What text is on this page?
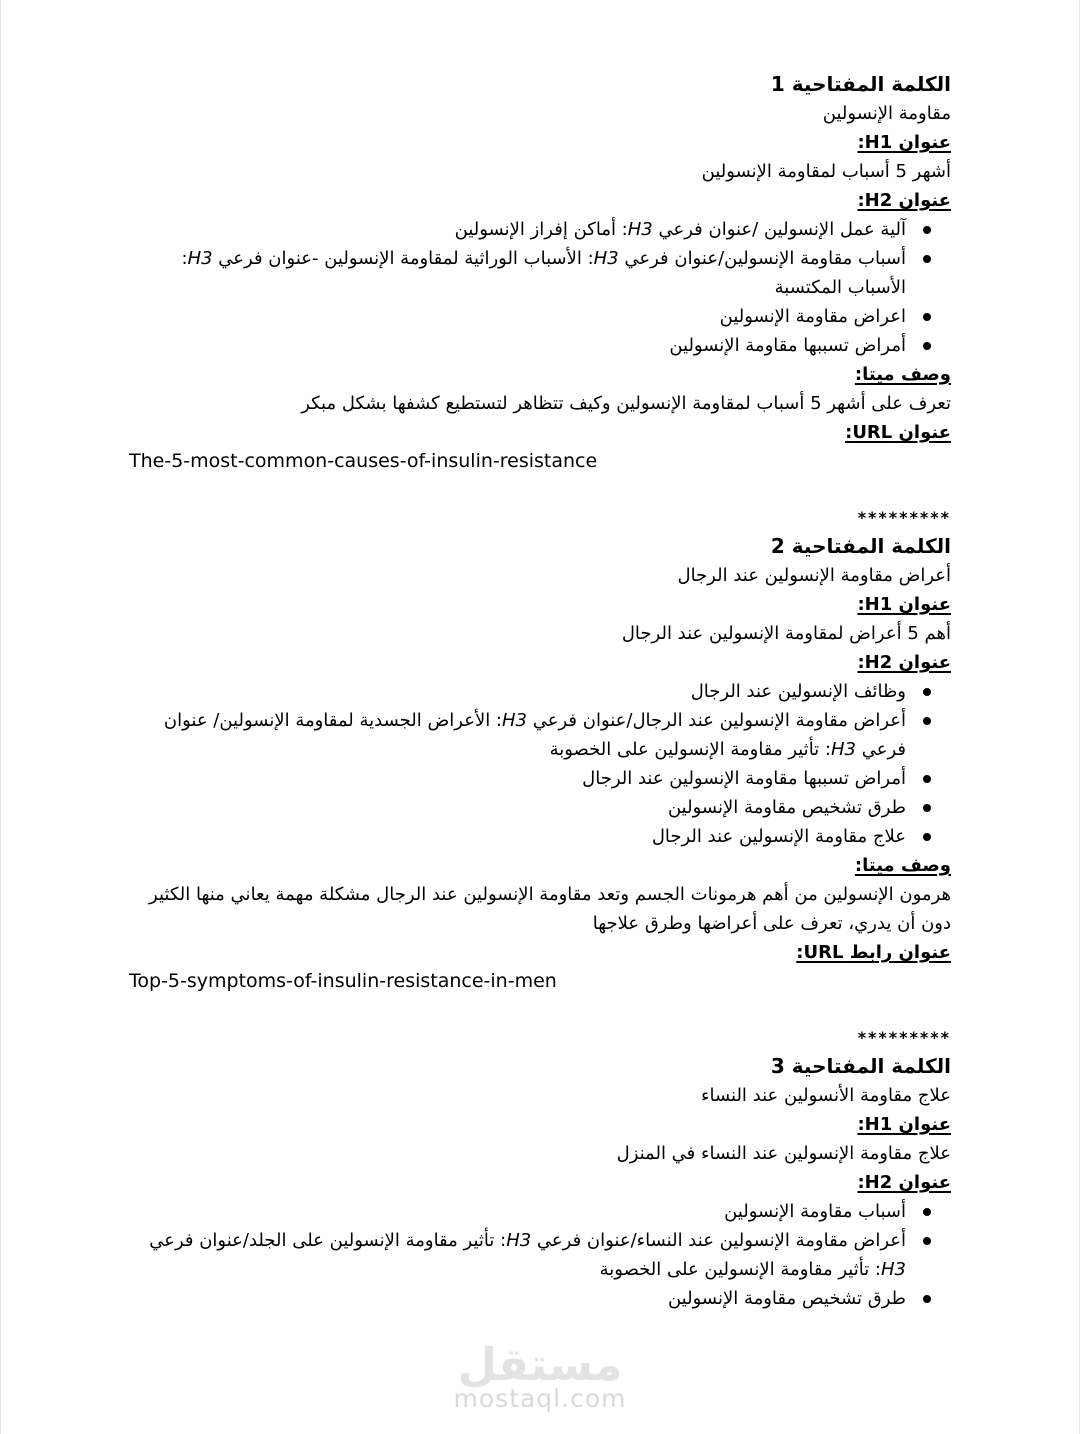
الكلمة المفتاحية 1

مقاومة الإنسولين

عنوان H1:

أشهر 5 أسباب لمقاومة الإنسولين

عنوان H2:

آلية عمل الإنسولين /عنوان فرعي H3: أماكن إفراز الإنسولين
أسباب مقاومة الإنسولين/عنوان فرعي H3: الأسباب الوراثية لمقاومة الإنسولين -عنوان فرعي H3: الأسباب المكتسبة
اعراض مقاومة الإنسولين
أمراض تسببها مقاومة الإنسولين

وصف ميتا:

تعرف على أشهر 5 أسباب لمقاومة الإنسولين وكيف تتظاهر لتستطيع كشفها بشكل مبكر

عنوان URL:

The-5-most-common-causes-of-insulin-resistance

*********

الكلمة المفتاحية 2

أعراض مقاومة الإنسولين عند الرجال

عنوان H1:

أهم 5 أعراض لمقاومة الإنسولين عند الرجال

عنوان H2:

وظائف الإنسولين عند الرجال
أعراض مقاومة الإنسولين عند الرجال/عنوان فرعي H3: الأعراض الجسدية لمقاومة الإنسولين/ عنوان فرعي H3: تأثير مقاومة الإنسولين على الخصوبة
أمراض تسببها مقاومة الإنسولين عند الرجال
طرق تشخيص مقاومة الإنسولين
علاج مقاومة الإنسولين عند الرجال

وصف ميتا:

هرمون الإنسولين من أهم هرمونات الجسم وتعد مقاومة الإنسولين عند الرجال مشكلة مهمة يعاني منها الكثير دون أن يدري، تعرف على أعراضها وطرق علاجها

عنوان رابط URL:

Top-5-symptoms-of-insulin-resistance-in-men

*********

الكلمة المفتاحية 3

علاج مقاومة الأنسولين عند النساء

عنوان H1:

علاج مقاومة الإنسولين عند النساء في المنزل

عنوان H2:

أسباب مقاومة الإنسولين
أعراض مقاومة الإنسولين عند النساء/عنوان فرعي H3: تأثير مقاومة الإنسولين على الجلد/عنوان فرعي H3: تأثير مقاومة الإنسولين على الخصوبة
طرق تشخيص مقاومة الإنسولين
مستقل
mostaql.com
